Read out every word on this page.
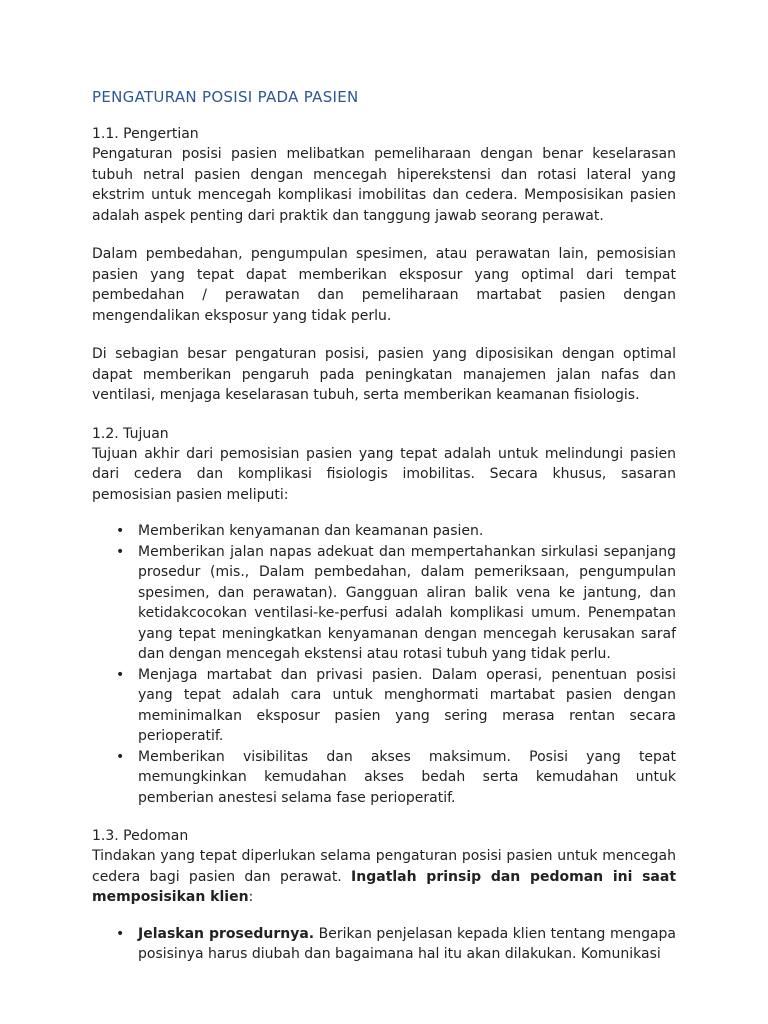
PENGATURAN POSISI PADA PASIEN
1.1. Pengertian

Pengaturan posisi pasien melibatkan pemeliharaan dengan benar keselarasan tubuh netral pasien dengan mencegah hiperekstensi dan rotasi lateral yang ekstrim untuk mencegah komplikasi imobilitas dan cedera. Memposisikan pasien adalah aspek penting dari praktik dan tanggung jawab seorang perawat.

Dalam pembedahan, pengumpulan spesimen, atau perawatan lain, pemosisian pasien yang tepat dapat memberikan eksposur yang optimal dari tempat pembedahan / perawatan dan pemeliharaan martabat pasien dengan mengendalikan eksposur yang tidak perlu.

Di sebagian besar pengaturan posisi, pasien yang diposisikan dengan optimal dapat memberikan pengaruh pada peningkatan manajemen jalan nafas dan ventilasi, menjaga keselarasan tubuh, serta memberikan keamanan fisiologis.

1.2. Tujuan

Tujuan akhir dari pemosisian pasien yang tepat adalah untuk melindungi pasien dari cedera dan komplikasi fisiologis imobilitas. Secara khusus, sasaran pemosisian pasien meliputi:

• Memberikan kenyamanan dan keamanan pasien.
• Memberikan jalan napas adekuat dan mempertahankan sirkulasi sepanjang prosedur (mis., Dalam pembedahan, dalam pemeriksaan, pengumpulan spesimen, dan perawatan). Gangguan aliran balik vena ke jantung, dan ketidakcocokan ventilasi-ke-perfusi adalah komplikasi umum. Penempatan yang tepat meningkatkan kenyamanan dengan mencegah kerusakan saraf dan dengan mencegah ekstensi atau rotasi tubuh yang tidak perlu.
• Menjaga martabat dan privasi pasien. Dalam operasi, penentuan posisi yang tepat adalah cara untuk menghormati martabat pasien dengan meminimalkan eksposur pasien yang sering merasa rentan secara perioperatif.
• Memberikan visibilitas dan akses maksimum. Posisi yang tepat memungkinkan kemudahan akses bedah serta kemudahan untuk pemberian anestesi selama fase perioperatif.
1.3. Pedoman

Tindakan yang tepat diperlukan selama pengaturan posisi pasien untuk mencegah cedera bagi pasien dan perawat. Ingatlah prinsip dan pedoman ini saat memposisikan klien:

• Jelaskan prosedurnya. Berikan penjelasan kepada klien tentang mengapa posisinya harus diubah dan bagaimana hal itu akan dilakukan. Komunikasi
